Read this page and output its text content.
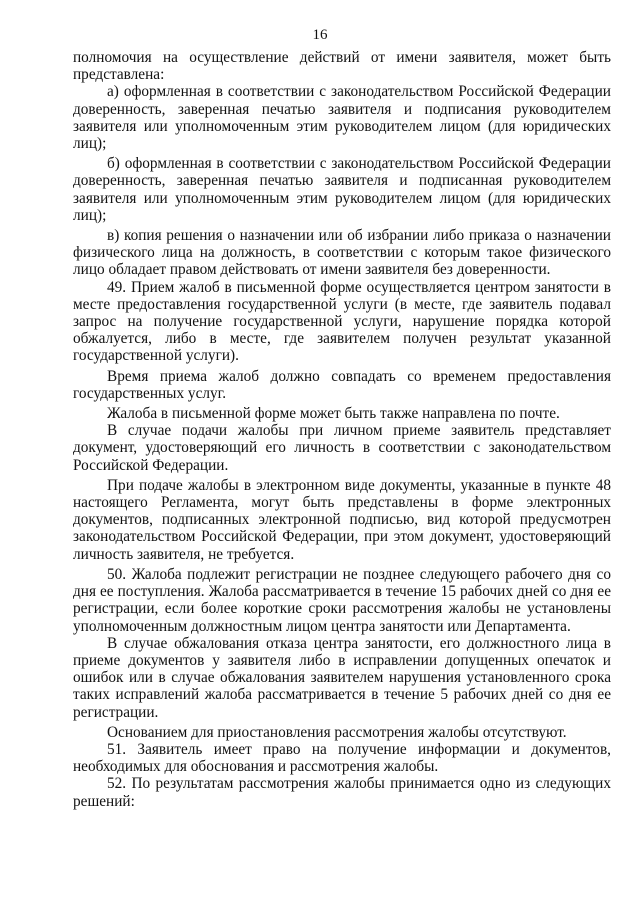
16

полномочия на осуществление действий от имени заявителя, может быть представлена:

а) оформленная в соответствии с законодательством Российской Федерации доверенность, заверенная печатью заявителя и подписания руководителем заявителя или уполномоченным этим руководителем лицом (для юридических лиц);

б) оформленная в соответствии с законодательством Российской Федерации доверенность, заверенная печатью заявителя и подписанная руководителем заявителя или уполномоченным этим руководителем лицом (для юридических лиц);

в) копия решения о назначении или об избрании либо приказа о назначении физического лица на должность, в соответствии с которым такое физического лицо обладает правом действовать от имени заявителя без доверенности.

49. Прием жалоб в письменной форме осуществляется центром занятости в месте предоставления государственной услуги (в месте, где заявитель подавал запрос на получение государственной услуги, нарушение порядка которой обжалуется, либо в месте, где заявителем получен результат указанной государственной услуги).

Время приема жалоб должно совпадать со временем предоставления государственных услуг.

Жалоба в письменной форме может быть также направлена по почте.

В случае подачи жалобы при личном приеме заявитель представляет документ, удостоверяющий его личность в соответствии с законодательством Российской Федерации.

При подаче жалобы в электронном виде документы, указанные в пункте 48 настоящего Регламента, могут быть представлены в форме электронных документов, подписанных электронной подписью, вид которой предусмотрен законодательством Российской Федерации, при этом документ, удостоверяющий личность заявителя, не требуется.

50. Жалоба подлежит регистрации не позднее следующего рабочего дня со дня ее поступления. Жалоба рассматривается в течение 15 рабочих дней со дня ее регистрации, если более короткие сроки рассмотрения жалобы не установлены уполномоченным должностным лицом центра занятости или Департамента.

В случае обжалования отказа центра занятости, его должностного лица в приеме документов у заявителя либо в исправлении допущенных опечаток и ошибок или в случае обжалования заявителем нарушения установленного срока таких исправлений жалоба рассматривается в течение 5 рабочих дней со дня ее регистрации.

Основанием для приостановления рассмотрения жалобы отсутствуют.

51. Заявитель имеет право на получение информации и документов, необходимых для обоснования и рассмотрения жалобы.

52. По результатам рассмотрения жалобы принимается одно из следующих решений:
